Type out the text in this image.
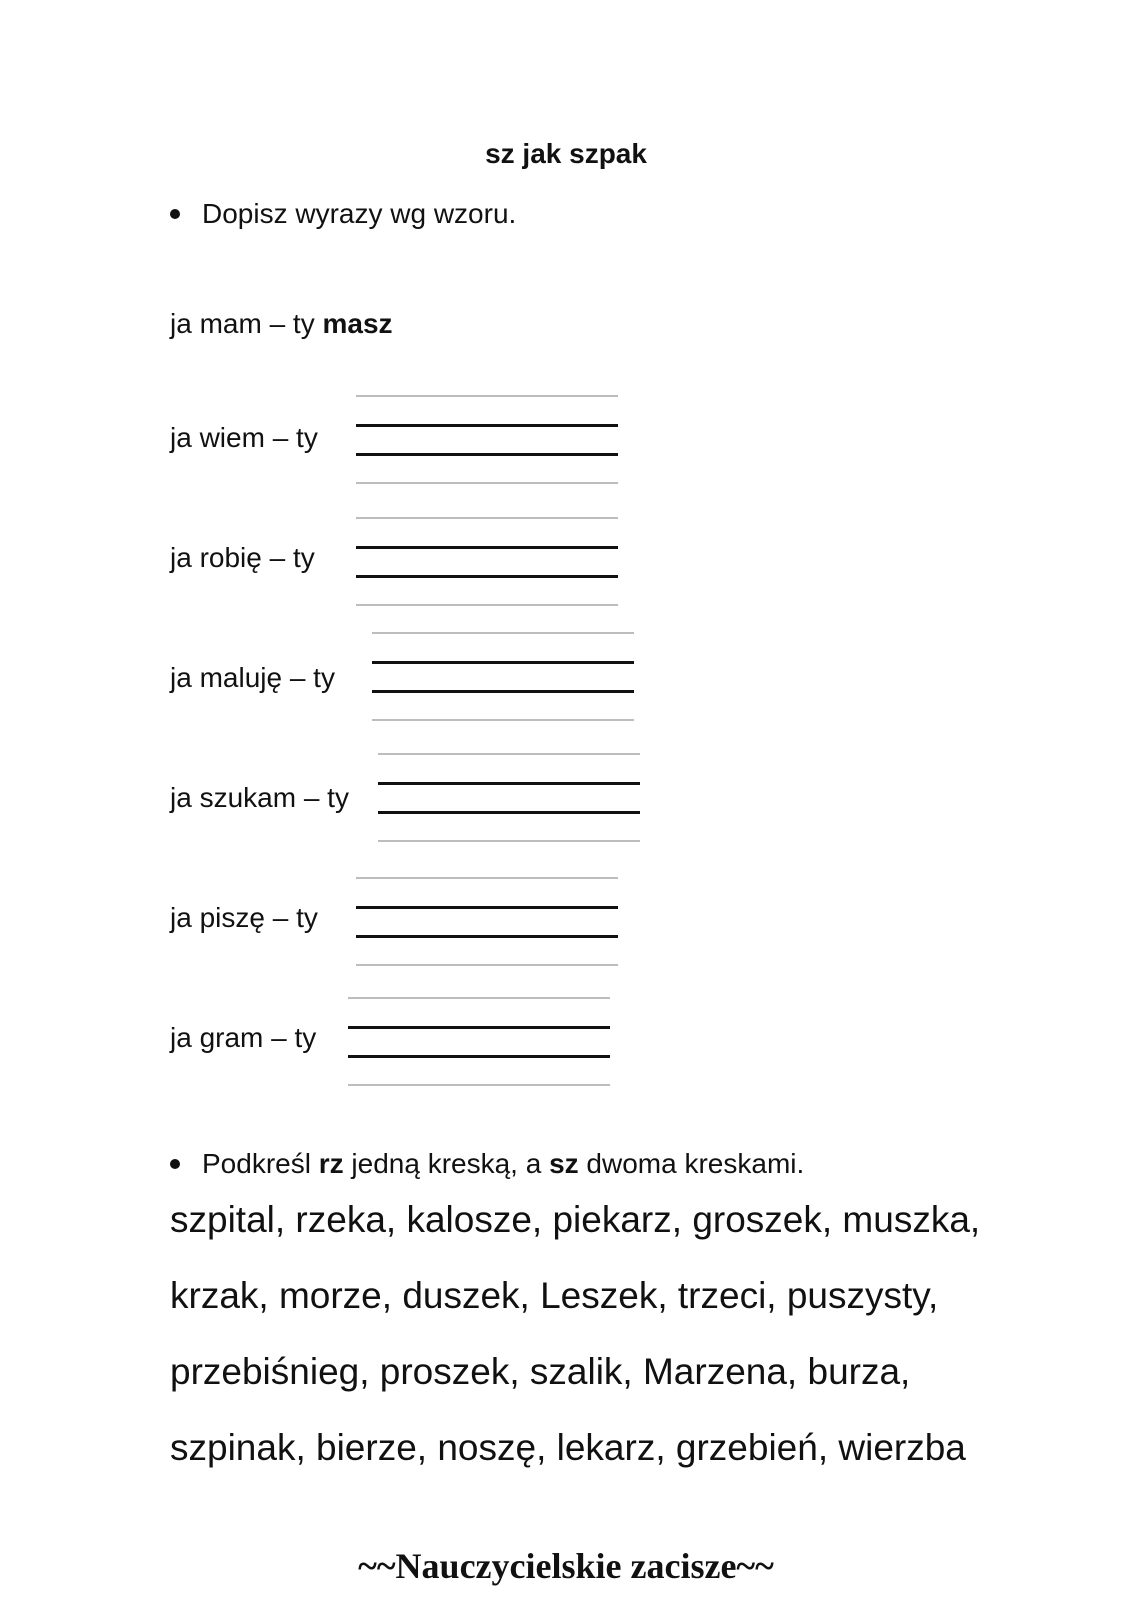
sz jak szpak
Dopisz wyrazy wg wzoru.
ja mam – ty masz
ja wiem – ty
ja robię – ty
ja maluję – ty
ja szukam – ty
ja piszę – ty
ja gram – ty
Podkreśl rz jedną kreską, a sz dwoma kreskami.
szpital, rzeka, kalosze, piekarz, groszek, muszka,
krzak, morze, duszek, Leszek, trzeci, puszysty,
przebiśnieg, proszek, szalik, Marzena, burza,
szpinak, bierze, noszę, lekarz, grzebień, wierzba
~~Nauczycielskie zacisze~~
